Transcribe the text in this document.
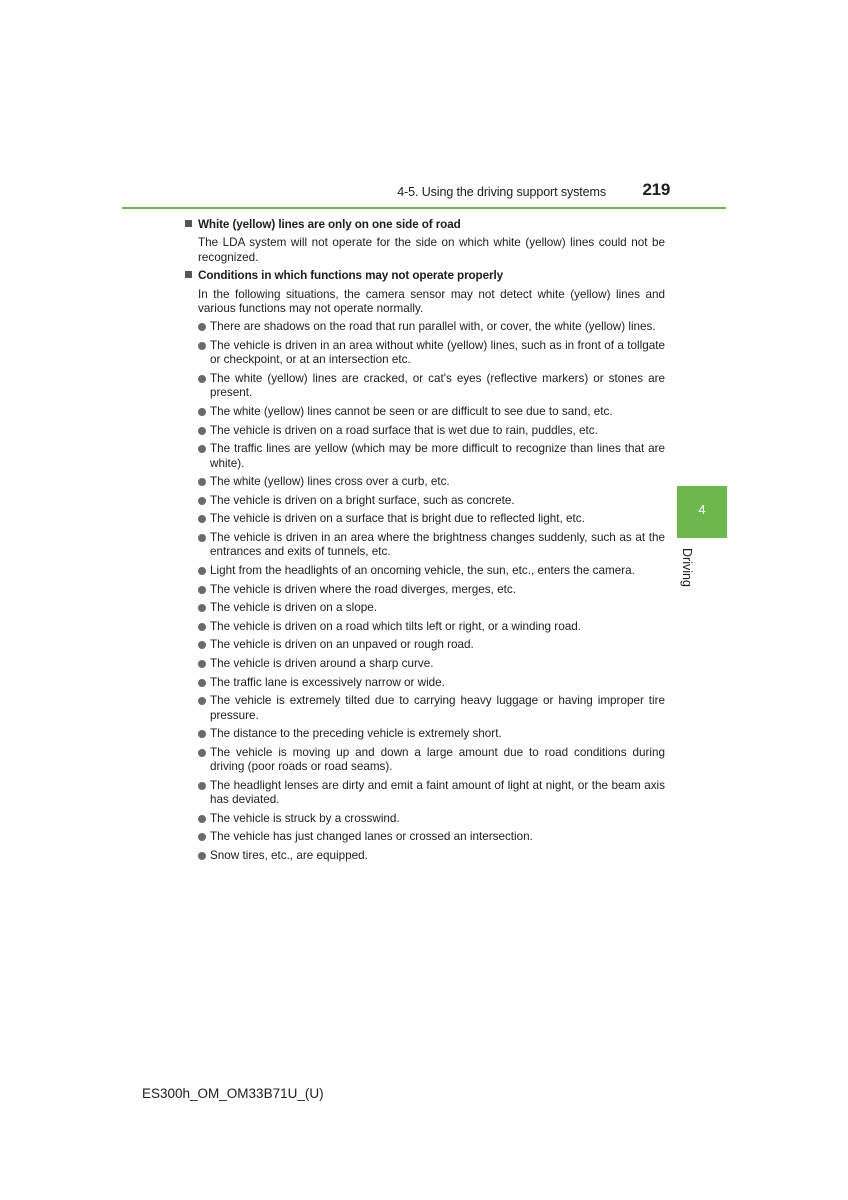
4-5. Using the driving support systems 219
4
Driving
White (yellow) lines are only on one side of road
The LDA system will not operate for the side on which white (yellow) lines could not be recognized.
Conditions in which functions may not operate properly
In the following situations, the camera sensor may not detect white (yellow) lines and various functions may not operate normally.
There are shadows on the road that run parallel with, or cover, the white (yellow) lines.
The vehicle is driven in an area without white (yellow) lines, such as in front of a tollgate or checkpoint, or at an intersection etc.
The white (yellow) lines are cracked, or cat's eyes (reflective markers) or stones are present.
The white (yellow) lines cannot be seen or are difficult to see due to sand, etc.
The vehicle is driven on a road surface that is wet due to rain, puddles, etc.
The traffic lines are yellow (which may be more difficult to recognize than lines that are white).
The white (yellow) lines cross over a curb, etc.
The vehicle is driven on a bright surface, such as concrete.
The vehicle is driven on a surface that is bright due to reflected light, etc.
The vehicle is driven in an area where the brightness changes suddenly, such as at the entrances and exits of tunnels, etc.
Light from the headlights of an oncoming vehicle, the sun, etc., enters the camera.
The vehicle is driven where the road diverges, merges, etc.
The vehicle is driven on a slope.
The vehicle is driven on a road which tilts left or right, or a winding road.
The vehicle is driven on an unpaved or rough road.
The vehicle is driven around a sharp curve.
The traffic lane is excessively narrow or wide.
The vehicle is extremely tilted due to carrying heavy luggage or having improper tire pressure.
The distance to the preceding vehicle is extremely short.
The vehicle is moving up and down a large amount due to road conditions during driving (poor roads or road seams).
The headlight lenses are dirty and emit a faint amount of light at night, or the beam axis has deviated.
The vehicle is struck by a crosswind.
The vehicle has just changed lanes or crossed an intersection.
Snow tires, etc., are equipped.
ES300h_OM_OM33B71U_(U)
